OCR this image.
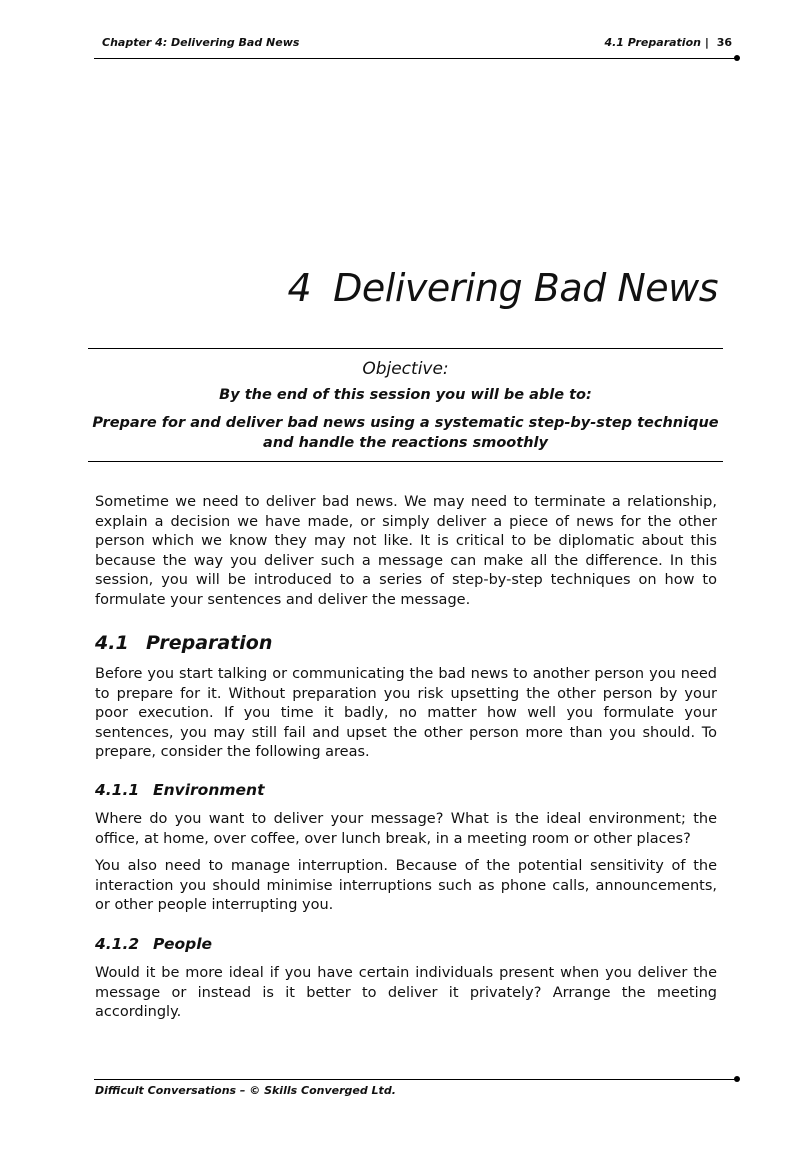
Chapter 4: Delivering Bad News	4.1 Preparation | 36
4 Delivering Bad News
Objective:
By the end of this session you will be able to:
Prepare for and deliver bad news using a systematic step-by-step technique
and handle the reactions smoothly
Sometime we need to deliver bad news. We may need to terminate a relationship, explain a decision we have made, or simply deliver a piece of news for the other person which we know they may not like. It is critical to be diplomatic about this because the way you deliver such a message can make all the difference. In this session, you will be introduced to a series of step-by-step techniques on how to formulate your sentences and deliver the message.
4.1 Preparation
Before you start talking or communicating the bad news to another person you need to prepare for it. Without preparation you risk upsetting the other person by your poor execution. If you time it badly, no matter how well you formulate your sentences, you may still fail and upset the other person more than you should. To prepare, consider the following areas.
4.1.1 Environment
Where do you want to deliver your message? What is the ideal environment; the office, at home, over coffee, over lunch break, in a meeting room or other places?
You also need to manage interruption. Because of the potential sensitivity of the interaction you should minimise interruptions such as phone calls, announcements, or other people interrupting you.
4.1.2 People
Would it be more ideal if you have certain individuals present when you deliver the message or instead is it better to deliver it privately? Arrange the meeting accordingly.
Difficult Conversations – © Skills Converged Ltd.
